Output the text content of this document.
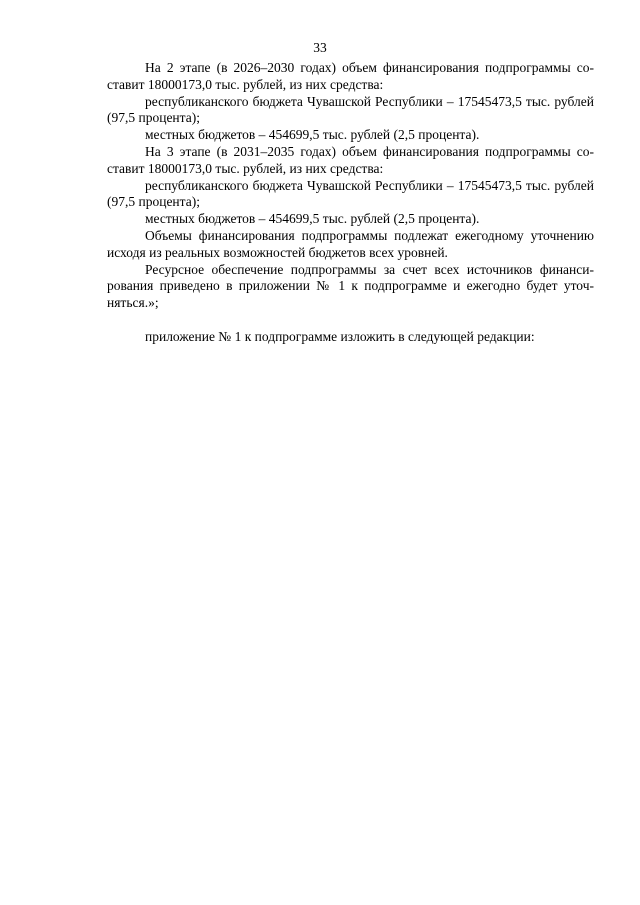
33

На 2 этапе (в 2026–2030 годах) объем финансирования подпрограммы составит 18000173,0 тыс. рублей, из них средства:

республиканского бюджета Чувашской Республики – 17545473,5 тыс. рублей (97,5 процента);

местных бюджетов – 454699,5 тыс. рублей (2,5 процента).

На 3 этапе (в 2031–2035 годах) объем финансирования подпрограммы составит 18000173,0 тыс. рублей, из них средства:

республиканского бюджета Чувашской Республики – 17545473,5 тыс. рублей (97,5 процента);

местных бюджетов – 454699,5 тыс. рублей (2,5 процента).

Объемы финансирования подпрограммы подлежат ежегодному уточнению исходя из реальных возможностей бюджетов всех уровней.

Ресурсное обеспечение подпрограммы за счет всех источников финансирования приведено в приложении № 1 к подпрограмме и ежегодно будет уточняться.»;

приложение № 1 к подпрограмме изложить в следующей редакции:
